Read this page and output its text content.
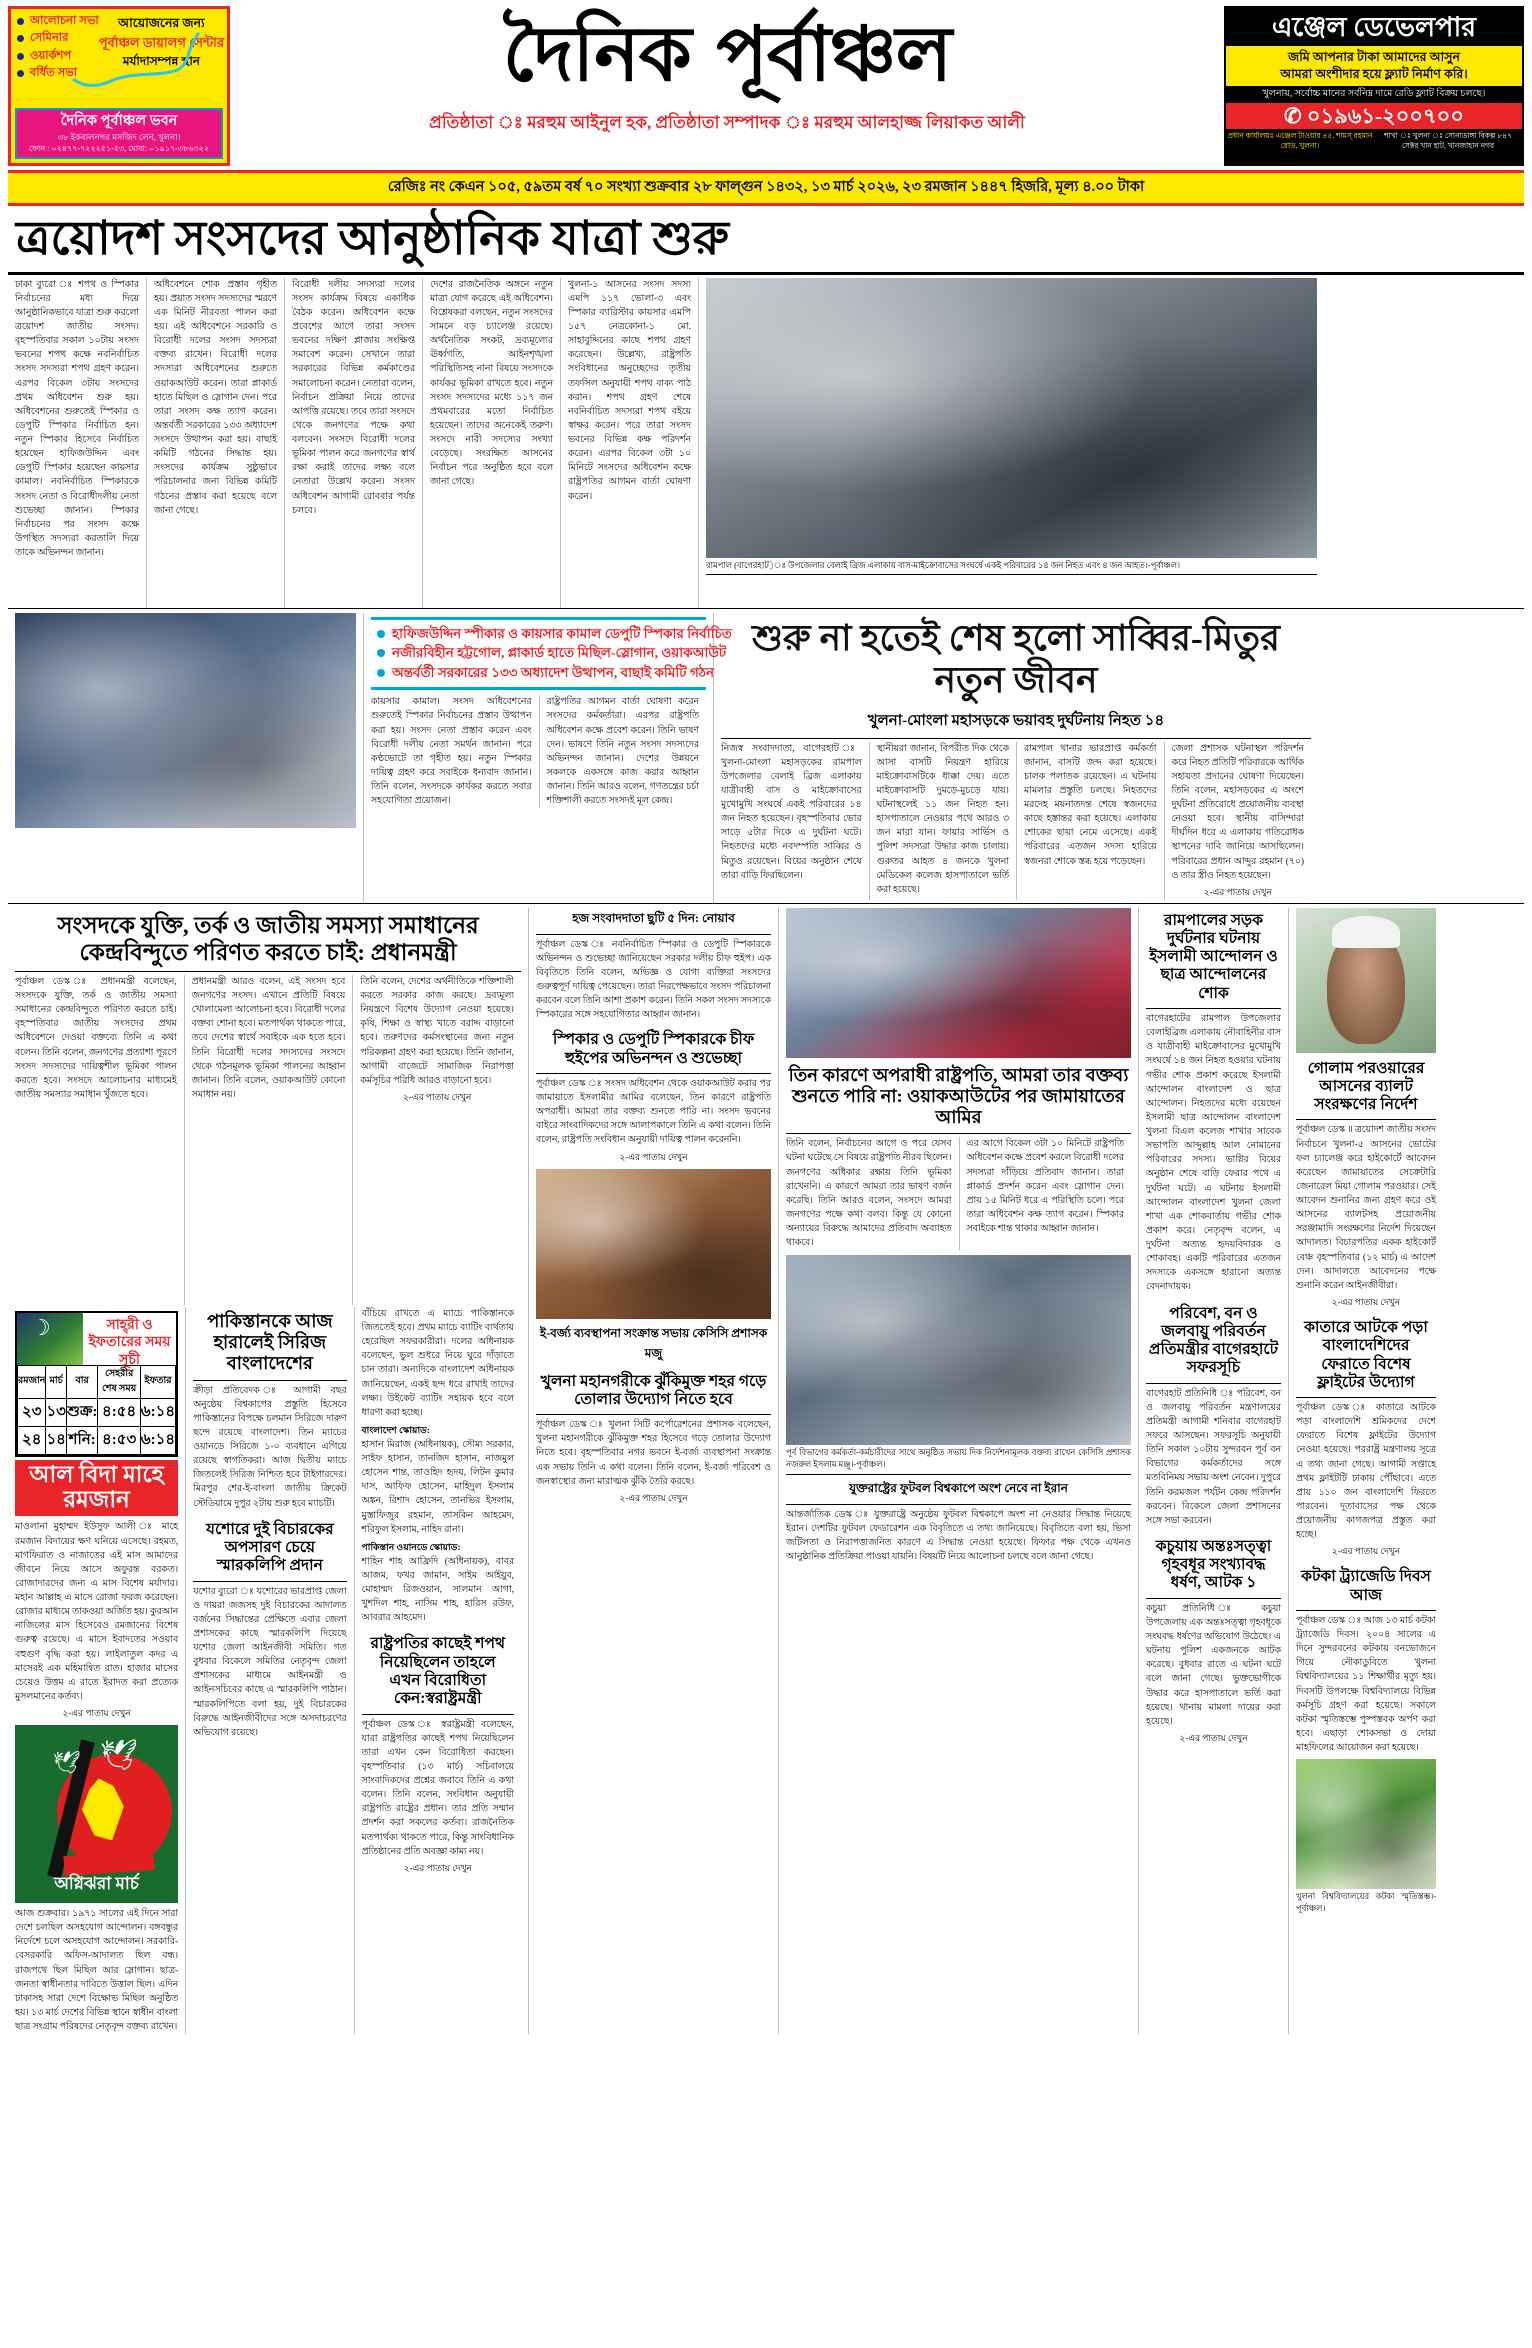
আলোচনা সভা
সেমিনার
ওয়ার্কশপ
বর্ধিত সভা
আয়োজনের জন্য
পূর্বাঞ্চল ডায়ালগ সেন্টার
মর্যাদাসম্পন্ন স্থান
দৈনিক পূর্বাঞ্চল ভবন
৩৮ ইকবালনগর মসজিদ লেন, খুলনা।
ফোন : ০২৪৭৭-৭২২২৫১-৫৩, মোবা: ০১৯১৭-৩৮৬৩২২
দৈনিক পূর্বাঞ্চল
প্রতিষ্ঠাতা ঃ মরহুম আইনুল হক, প্রতিষ্ঠাতা সম্পাদক ঃ মরহুম আলহাজ্জ লিয়াকত আলী
এঞ্জেল ডেভেলপার
জমি আপনার টাকা আমাদের আসুন
আমরা অংশীদার হয়ে ফ্ল্যাট নির্মাণ করি।
খুলনায়, সর্বোচ্চ মানের সর্বনিম্ন দামে রেডি ফ্ল্যাট বিক্রয় চলছে।
✆ ০১৯৬১-২০০৭০০
প্রধান কার্যালয়ঃ এঞ্জেল টাওয়ার ৪৫, শামস্ রহমান রোড, খুলনা।
শাখা ঃ খুলনা ঃ সোনাডাঙ্গা বিকল্প ৮৪৭ সেক্টর খান হাট, খানজাহান নগর
রেজিঃ নং কেএন ১০৫, ৫৯তম বর্ষ ৭০ সংখ্যা শুক্রবার ২৮ ফাল্গুন ১৪৩২, ১৩ মার্চ ২০২৬, ২৩ রমজান ১৪৪৭ হিজরি, মূল্য ৪.০০ টাকা
ত্রয়োদশ সংসদের আনুষ্ঠানিক যাত্রা শুরু
ঢাকা ব্যুরো ঃ শপথ ও স্পিকার নির্বাচনের মধ্য দিয়ে আনুষ্ঠানিকভাবে যাত্রা শুরু করলো ত্রয়োদশ জাতীয় সংসদ। বৃহস্পতিবার সকাল ১০টায় সংসদ ভবনের শপথ কক্ষে নবনির্বাচিত সংসদ সদস্যরা শপথ গ্রহণ করেন। এরপর বিকেল ৩টায় সংসদের প্রথম অধিবেশন শুরু হয়। অধিবেশনের শুরুতেই স্পিকার ও ডেপুটি স্পিকার নির্বাচিত হন। নতুন স্পিকার হিসেবে নির্বাচিত হয়েছেন হাফিজউদ্দিন এবং ডেপুটি স্পিকার হয়েছেন কায়সার কামাল। নবনির্বাচিত স্পিকারকে সংসদ নেতা ও বিরোধীদলীয় নেতা শুভেচ্ছা জানান। স্পিকার নির্বাচনের পর সংসদ কক্ষে উপস্থিত সদস্যরা করতালি দিয়ে তাকে অভিনন্দন জানান।
অধিবেশনে শোক প্রস্তাব গৃহীত হয়। প্রয়াত সংসদ সদস্যদের স্মরণে এক মিনিট নীরবতা পালন করা হয়। এই অধিবেশনে সরকারি ও বিরোধী দলের সংসদ সদস্যরা বক্তব্য রাখেন। বিরোধী দলের সদস্যরা অধিবেশনের শুরুতে ওয়াকআউট করেন। তারা প্লাকার্ড হাতে মিছিল ও স্লোগান দেন। পরে তারা সংসদ কক্ষ ত্যাগ করেন। অন্তর্বর্তী সরকারের ১৩৩ অধ্যাদেশ সংসদে উত্থাপন করা হয়। বাছাই কমিটি গঠনের সিদ্ধান্ত হয়। সংসদের কার্যক্রম সুষ্ঠুভাবে পরিচালনার জন্য বিভিন্ন কমিটি গঠনের প্রস্তাব করা হয়েছে বলে জানা গেছে।
বিরোধী দলীয় সদস্যরা দলের সংসদ কার্যক্রম বিষয়ে একাধিক বৈঠক করেন। অধিবেশন কক্ষে প্রবেশের আগে তারা সংসদ ভবনের দক্ষিণ প্লাজায় সংক্ষিপ্ত সমাবেশ করেন। সেখানে তারা সরকারের বিভিন্ন কর্মকাণ্ডের সমালোচনা করেন। নেতারা বলেন, নির্বাচন প্রক্রিয়া নিয়ে তাদের আপত্তি রয়েছে। তবে তারা সংসদে থেকে জনগণের পক্ষে কথা বলবেন। সংসদে বিরোধী দলের ভূমিকা পালন করে জনগণের স্বার্থ রক্ষা করাই তাদের লক্ষ্য বলে নেতারা উল্লেখ করেন। সংসদ অধিবেশন আগামী রোববার পর্যন্ত চলবে।
দেশের রাজনৈতিক অঙ্গনে নতুন মাত্রা যোগ করেছে এই অধিবেশন। বিশ্লেষকরা বলছেন, নতুন সংসদের সামনে বড় চ্যালেঞ্জ রয়েছে। অর্থনৈতিক সংকট, দ্রব্যমূল্যের ঊর্ধ্বগতি, আইনশৃঙ্খলা পরিস্থিতিসহ নানা বিষয়ে সংসদকে কার্যকর ভূমিকা রাখতে হবে। নতুন সংসদ সদস্যদের মধ্যে ১১৭ জন প্রথমবারের মতো নির্বাচিত হয়েছেন। তাদের অনেকেই তরুণ। সংসদে নারী সদস্যের সংখ্যা বেড়েছে। সংরক্ষিত আসনের নির্বাচন পরে অনুষ্ঠিত হবে বলে জানা গেছে।
খুলনা-১ আসনের সংসদ সদস্য এমপি ১১৭ ভোলা-৩ এবং স্পিকার ব্যারিস্টার কায়সার এমপি ১৫৭ নেত্রকোনা-১ মো. সাহাবুদ্দিনের কাছে শপথ গ্রহণ করেছেন। উল্লেখ্য, রাষ্ট্রপতি সংবিধানের অনুচ্ছেদের তৃতীয় তফসিল অনুযায়ী শপথ বাক্য পাঠ করান। শপথ গ্রহণ শেষে নবনির্বাচিত সদস্যরা শপথ বইয়ে স্বাক্ষর করেন। পরে তারা সংসদ ভবনের বিভিন্ন কক্ষ পরিদর্শন করেন। এরপর বিকেল ৩টা ১০ মিনিটে সংসদের অধিবেশন কক্ষে রাষ্ট্রপতির আগমন বার্তা ঘোষণা করেন।
রামপাল (বাগেরহাট)ঃ উপজেলার বেলাই ব্রিজ এলাকায় বাস-মাইক্রোবাসের সংঘর্ষে একই পরিবারের ১৪ জন নিহত এবং ৪ জন আহত।-পূর্বাঞ্চল।
হাফিজউদ্দিন স্পীকার ও কায়সার কামাল ডেপুটি স্পিকার নির্বাচিত
নজীরবিহীন হট্টগোল, প্লাকার্ড হাতে মিছিল-স্লোগান, ওয়াকআউট
অন্তর্বর্তী সরকারের ১৩৩ অধ্যাদেশ উত্থাপন, বাছাই কমিটি গঠন
কায়সার কামাল। সংসদ অধিবেশনের শুরুতেই স্পিকার নির্বাচনের প্রস্তাব উত্থাপন করা হয়। সংসদ নেতা প্রস্তাব করেন এবং বিরোধী দলীয় নেতা সমর্থন জানান। পরে কণ্ঠভোটে তা গৃহীত হয়। নতুন স্পিকার দায়িত্ব গ্রহণ করে সবাইকে ধন্যবাদ জানান। তিনি বলেন, সংসদকে কার্যকর করতে সবার সহযোগিতা প্রয়োজন।
রাষ্ট্রপতির আগমন বার্তা ঘোষণা করেন সংসদের কর্মকর্তারা। এরপর রাষ্ট্রপতি অধিবেশন কক্ষে প্রবেশ করেন। তিনি ভাষণ দেন। ভাষণে তিনি নতুন সংসদ সদস্যদের অভিনন্দন জানান। দেশের উন্নয়নে সকলকে একসঙ্গে কাজ করার আহ্বান জানান। তিনি আরও বলেন, গণতন্ত্রের চর্চা শক্তিশালী করতে সংসদই মূল কেন্দ্র।
শুরু না হতেই শেষ হলো সাব্বির-মিতুর নতুন জীবন
খুলনা-মোংলা মহাসড়কে ভয়াবহ দুর্ঘটনায় নিহত ১৪
নিজস্ব সংবাদদাতা, বাগেরহাট ঃ খুলনা-মোংলা মহাসড়কের রামপাল উপজেলার বেলাই ব্রিজ এলাকায় যাত্রীবাহী বাস ও মাইক্রোবাসের মুখোমুখি সংঘর্ষে একই পরিবারের ১৪ জন নিহত হয়েছেন। বৃহস্পতিবার ভোর সাড়ে ৫টার দিকে এ দুর্ঘটনা ঘটে। নিহতদের মধ্যে নবদম্পতি সাব্বির ও মিতুও রয়েছেন। বিয়ের অনুষ্ঠান শেষে তারা বাড়ি ফিরছিলেন।
স্থানীয়রা জানান, বিপরীত দিক থেকে আসা বাসটি নিয়ন্ত্রণ হারিয়ে মাইক্রোবাসটিকে ধাক্কা দেয়। এতে মাইক্রোবাসটি দুমড়ে-মুচড়ে যায়। ঘটনাস্থলেই ১১ জন নিহত হন। হাসপাতালে নেওয়ার পথে আরও ৩ জন মারা যান। ফায়ার সার্ভিস ও পুলিশ সদস্যরা উদ্ধার কাজ চালায়। গুরুতর আহত ৪ জনকে খুলনা মেডিকেল কলেজ হাসপাতালে ভর্তি করা হয়েছে।
রামপাল থানার ভারপ্রাপ্ত কর্মকর্তা জানান, বাসটি জব্দ করা হয়েছে। চালক পলাতক রয়েছেন। এ ঘটনায় মামলার প্রস্তুতি চলছে। নিহতদের মরদেহ ময়নাতদন্ত শেষে স্বজনদের কাছে হস্তান্তর করা হয়েছে। এলাকায় শোকের ছায়া নেমে এসেছে। একই পরিবারের এতজন সদস্য হারিয়ে স্বজনরা শোকে স্তব্ধ হয়ে পড়েছেন।
জেলা প্রশাসক ঘটনাস্থল পরিদর্শন করে নিহত প্রতিটি পরিবারকে আর্থিক সহায়তা প্রদানের ঘোষণা দিয়েছেন। তিনি বলেন, মহাসড়কের এ অংশে দুর্ঘটনা প্রতিরোধে প্রয়োজনীয় ব্যবস্থা নেওয়া হবে। স্থানীয় বাসিন্দারা দীর্ঘদিন ধরে এ এলাকায় গতিরোধক স্থাপনের দাবি জানিয়ে আসছিলেন। পরিবারের প্রধান আব্দুর রহমান (৭০) ও তার স্ত্রীও নিহত হয়েছেন।
২-এর পাতায় দেখুন
সংসদকে যুক্তি, তর্ক ও জাতীয় সমস্যা সমাধানের কেন্দ্রবিন্দুতে পরিণত করতে চাই: প্রধানমন্ত্রী
পূর্বাঞ্চল ডেস্ক ঃ প্রধানমন্ত্রী বলেছেন, সংসদকে যুক্তি, তর্ক ও জাতীয় সমস্যা সমাধানের কেন্দ্রবিন্দুতে পরিণত করতে চাই। বৃহস্পতিবার জাতীয় সংসদের প্রথম অধিবেশনে দেওয়া বক্তব্যে তিনি এ কথা বলেন। তিনি বলেন, জনগণের প্রত্যাশা পূরণে সংসদ সদস্যদের দায়িত্বশীল ভূমিকা পালন করতে হবে। সংসদে আলোচনার মাধ্যমেই জাতীয় সমস্যার সমাধান খুঁজতে হবে।
প্রধানমন্ত্রী আরও বলেন, এই সংসদ হবে জনগণের সংসদ। এখানে প্রতিটি বিষয়ে খোলামেলা আলোচনা হবে। বিরোধী দলের বক্তব্য শোনা হবে। মতপার্থক্য থাকতে পারে, তবে দেশের স্বার্থে সবাইকে এক হতে হবে। তিনি বিরোধী দলের সদস্যদের সংসদে থেকে গঠনমূলক ভূমিকা পালনের আহ্বান জানান। তিনি বলেন, ওয়াকআউট কোনো সমাধান নয়।
তিনি বলেন, দেশের অর্থনীতিকে শক্তিশালী করতে সরকার কাজ করছে। দ্রব্যমূল্য নিয়ন্ত্রণে বিশেষ উদ্যোগ নেওয়া হয়েছে। কৃষি, শিক্ষা ও স্বাস্থ্য খাতে বরাদ্দ বাড়ানো হবে। তরুণদের কর্মসংস্থানের জন্য নতুন পরিকল্পনা গ্রহণ করা হয়েছে। তিনি জানান, আগামী বাজেটে সামাজিক নিরাপত্তা কর্মসূচির পরিধি আরও বাড়ানো হবে।
২-এর পাতায় দেখুন
☽
সাহ্‌রী ও ইফতারের সময় সূচী
রমজান	মার্চ	বার	সেহরীর শেষ সময়	ইফতার
২৩	১৩	শুক্র:	৪:৫৪	৬:১৪
২৪	১৪	শনি:	৪:৫৩	৬:১৪
আল বিদা মাহে রমজান
মাওলানা মুহাম্মদ ইউসুফ আলী ঃ মাহে রমজান বিদায়ের ক্ষণ ঘনিয়ে এসেছে। রহমত, মাগফিরাত ও নাজাতের এই মাস আমাদের জীবনে নিয়ে আসে অফুরন্ত বরকত। রোজাদারদের জন্য এ মাস বিশেষ মর্যাদার। মহান আল্লাহ এ মাসে রোজা ফরজ করেছেন। রোজার মাধ্যমে তাকওয়া অর্জিত হয়। কুরআন নাজিলের মাস হিসেবেও রমজানের বিশেষ গুরুত্ব রয়েছে। এ মাসে ইবাদতের সওয়াব বহুগুণ বৃদ্ধি করা হয়। লাইলাতুল কদর এ মাসেরই এক মহিমান্বিত রাত। হাজার মাসের চেয়েও উত্তম এ রাতে ইবাদত করা প্রত্যেক মুসলমানের কর্তব্য।
২-এর পাতায় দেখুন
🕊
🕊
অগ্নিঝরা মার্চ
আজ শুক্রবার। ১৯৭১ সালের এই দিনে সারা দেশে চলছিল অসহযোগ আন্দোলন। বঙ্গবন্ধুর নির্দেশে চলে অসহযোগ আন্দোলন। সরকারি-বেসরকারি অফিস-আদালত ছিল বন্ধ। রাজপথে ছিল মিছিল আর স্লোগান। ছাত্র-জনতা স্বাধীনতার দাবিতে উত্তাল ছিল। এদিন ঢাকাসহ সারা দেশে বিক্ষোভ মিছিল অনুষ্ঠিত হয়। ১৩ মার্চ দেশের বিভিন্ন স্থানে স্বাধীন বাংলা ছাত্র সংগ্রাম পরিষদের নেতৃবৃন্দ বক্তব্য রাখেন।
পাকিস্তানকে আজ হারালেই সিরিজ বাংলাদেশের
ক্রীড়া প্রতিবেদক ঃ আগামী বছর অনুষ্ঠেয় বিশ্বকাপের প্রস্তুতি হিসেবে পাকিস্তানের বিপক্ষে চলমান সিরিজে দারুণ ছন্দে রয়েছে বাংলাদেশ। তিন ম্যাচের ওয়ানডে সিরিজে ১-০ ব্যবধানে এগিয়ে রয়েছে স্বাগতিকরা। আজ দ্বিতীয় ম্যাচে জিতলেই সিরিজ নিশ্চিত হবে টাইগারদের। মিরপুর শের-ই-বাংলা জাতীয় ক্রিকেট স্টেডিয়ামে দুপুর ২টায় শুরু হবে ম্যাচটি।
যশোরে দুই বিচারকের অপসারণ চেয়ে স্মারকলিপি প্রদান
যশোর ব্যুরো ঃ যশোরের ভারপ্রাপ্ত জেলা ও দায়রা জজসহ দুই বিচারকের আদালত বর্জনের সিদ্ধান্তের প্রেক্ষিতে এবার জেলা প্রশাসকের কাছে স্মারকলিপি দিয়েছে যশোর জেলা আইনজীবী সমিতি। গত বুধবার বিকেলে সমিতির নেতৃবৃন্দ জেলা প্রশাসকের মাধ্যমে আইনমন্ত্রী ও আইনসচিবের কাছে এ স্মারকলিপি পাঠান। স্মারকলিপিতে বলা হয়, দুই বিচারকের বিরুদ্ধে আইনজীবীদের সঙ্গে অসদাচরণের অভিযোগ রয়েছে।
বাঁচিয়ে রাখতে এ ম্যাচে পাকিস্তানকে জিততেই হবে। প্রথম ম্যাচে ব্যাটিং ব্যর্থতায় হেরেছিল সফরকারীরা। দলের অধিনায়ক বলেছেন, ভুল শুধরে নিয়ে ঘুরে দাঁড়াতে চান তারা। অন্যদিকে বাংলাদেশ অধিনায়ক জানিয়েছেন, একই ছন্দ ধরে রাখাই তাদের লক্ষ্য। উইকেট ব্যাটিং সহায়ক হবে বলে ধারণা করা হচ্ছে।
বাংলাদেশ স্কোয়াড:
হাসান মিরাজ (অধিনায়ক), সৌম্য সরকার, সাইফ হাসান, তানজিদ হাসান, নাজমুল হোসেন শান্ত, তাওহিদ হৃদয়, লিটন কুমার দাস, আফিফ হোসেন, মাহিদুল ইসলাম অঙ্কন, রিশাদ হোসেন, তানভির ইসলাম, মুস্তাফিজুর রহমান, তাসকিন আহমেদ, শরিফুল ইসলাম, নাহিদ রানা।
পাকিস্তান ওয়ানডে স্কোয়াড:
শাহিন শাহ আফ্রিদি (অধিনায়ক), বাবর আজম, ফখর জামান, সাইম আইয়ুব, মোহাম্মদ রিজওয়ান, সালমান আগা, খুশদিল শাহ, নাসিম শাহ, হারিস রউফ, আবরার আহমেদ।
রাষ্ট্রপতির কাছেই শপথ নিয়েছিলেন তাহলে এখন বিরোধিতা কেন:স্বরাষ্ট্রমন্ত্রী
পূর্বাঞ্চল ডেস্ক ঃ স্বরাষ্ট্রমন্ত্রী বলেছেন, যারা রাষ্ট্রপতির কাছেই শপথ নিয়েছিলেন তারা এখন কেন বিরোধিতা করছেন। বৃহস্পতিবার (১৩ মার্চ) সচিবালয়ে সাংবাদিকদের প্রশ্নের জবাবে তিনি এ কথা বলেন। তিনি বলেন, সংবিধান অনুযায়ী রাষ্ট্রপতি রাষ্ট্রের প্রধান। তার প্রতি সম্মান প্রদর্শন করা সকলের কর্তব্য। রাজনৈতিক মতপার্থক্য থাকতে পারে, কিন্তু সাংবিধানিক প্রতিষ্ঠানের প্রতি অবজ্ঞা কাম্য নয়।
২-এর পাতায় দেখুন
হজ সংবাদদাতা ছুটি ৫ দিন: নোয়াব
পূর্বাঞ্চল ডেস্ক ঃ নবনির্বাচিত স্পিকার ও ডেপুটি স্পিকারকে অভিনন্দন ও শুভেচ্ছা জানিয়েছেন সরকার দলীয় চীফ হুইপ। এক বিবৃতিতে তিনি বলেন, অভিজ্ঞ ও যোগ্য ব্যক্তিরা সংসদের গুরুত্বপূর্ণ দায়িত্ব পেয়েছেন। তারা নিরপেক্ষভাবে সংসদ পরিচালনা করবেন বলে তিনি আশা প্রকাশ করেন। তিনি সকল সংসদ সদস্যকে স্পিকারের সঙ্গে সহযোগিতার আহ্বান জানান।
স্পিকার ও ডেপুটি স্পিকারকে চীফ হুইপের অভিনন্দন ও শুভেচ্ছা
পূর্বাঞ্চল ডেস্ক ঃ সংসদ অধিবেশন থেকে ওয়াকআউট করার পর জামায়াতে ইসলামীর আমির বলেছেন, তিন কারণে রাষ্ট্রপতি অপরাধী। আমরা তার বক্তব্য শুনতে পারি না। সংসদ ভবনের বাইরে সাংবাদিকদের সঙ্গে আলাপকালে তিনি এ কথা বলেন। তিনি বলেন, রাষ্ট্রপতি সংবিধান অনুযায়ী দায়িত্ব পালন করেননি।
২-এর পাতায় দেখুন
ই-বর্জ্য ব্যবস্থাপনা সংক্রান্ত সভায় কেসিসি প্রশাসক মজু
খুলনা মহানগরীকে ঝুঁকিমুক্ত শহর গড়ে তোলার উদ্যোগ নিতে হবে
পূর্বাঞ্চল ডেস্ক ঃ খুলনা সিটি কর্পোরেশনের প্রশাসক বলেছেন, খুলনা মহানগরীকে ঝুঁকিমুক্ত শহর হিসেবে গড়ে তোলার উদ্যোগ নিতে হবে। বৃহস্পতিবার নগর ভবনে ই-বর্জ্য ব্যবস্থাপনা সংক্রান্ত এক সভায় তিনি এ কথা বলেন। তিনি বলেন, ই-বর্জ্য পরিবেশ ও জনস্বাস্থ্যের জন্য মারাত্মক ঝুঁকি তৈরি করছে।
২-এর পাতায় দেখুন
তিন কারণে অপরাধী রাষ্ট্রপতি, আমরা তার বক্তব্য শুনতে পারি না: ওয়াকআউটের পর জামায়াতের আমির
তিনি বলেন, নির্বাচনের আগে ও পরে যেসব ঘটনা ঘটেছে সে বিষয়ে রাষ্ট্রপতি নীরব ছিলেন। জনগণের অধিকার রক্ষায় তিনি ভূমিকা রাখেননি। এ কারণে আমরা তার ভাষণ বর্জন করেছি। তিনি আরও বলেন, সংসদে আমরা জনগণের পক্ষে কথা বলব। কিন্তু যে কোনো অন্যায়ের বিরুদ্ধে আমাদের প্রতিবাদ অব্যাহত থাকবে।
এর আগে বিকেল ৩টা ১০ মিনিটে রাষ্ট্রপতি অধিবেশন কক্ষে প্রবেশ করলে বিরোধী দলের সদস্যরা দাঁড়িয়ে প্রতিবাদ জানান। তারা প্লাকার্ড প্রদর্শন করেন এবং স্লোগান দেন। প্রায় ১৫ মিনিট ধরে এ পরিস্থিতি চলে। পরে তারা অধিবেশন কক্ষ ত্যাগ করেন। স্পিকার সবাইকে শান্ত থাকার আহ্বান জানান।
পূর্ব বিভাগের কর্মকর্তা-কর্মচারীদের সাথে অনুষ্ঠিত সভায় দিক নির্দেশনামূলক বক্তব্য রাখেন কেসিসি প্রশাসক নজরুল ইসলাম মঞ্জু।-পূর্বাঞ্চল।
যুক্তরাষ্ট্রের ফুটবল বিশ্বকাপে অংশ নেবে না ইরান
আন্তর্জাতিক ডেস্ক ঃ যুক্তরাষ্ট্রে অনুষ্ঠেয় ফুটবল বিশ্বকাপে অংশ না নেওয়ার সিদ্ধান্ত নিয়েছে ইরান। দেশটির ফুটবল ফেডারেশন এক বিবৃতিতে এ তথ্য জানিয়েছে। বিবৃতিতে বলা হয়, ভিসা জটিলতা ও নিরাপত্তাজনিত কারণে এ সিদ্ধান্ত নেওয়া হয়েছে। ফিফার পক্ষ থেকে এখনও আনুষ্ঠানিক প্রতিক্রিয়া পাওয়া যায়নি। বিষয়টি নিয়ে আলোচনা চলছে বলে জানা গেছে।
রামপালের সড়ক দুর্ঘটনার ঘটনায় ইসলামী আন্দোলন ও ছাত্র আন্দোলনের শোক
বাগেরহাটের রামপাল উপজেলার বেলাইব্রিজ এলাকায় নৌবাহিনীর বাস ও যাত্রীবাহী মাইক্রোবাসের মুখোমুখি সংঘর্ষে ১৪ জন নিহত হওয়ার ঘটনায় গভীর শোক প্রকাশ করেছে ইসলামী আন্দোলন বাংলাদেশ ও ছাত্র আন্দোলন। নিহতদের মধ্যে রয়েছেন ইসলামী ছাত্র আন্দোলন বাংলাদেশ খুলনা বিএল কলেজ শাখার সাবেক সভাপতি আব্দুল্লাহ আল নোমানের পরিবারের সদস্য। ভাগ্নির বিয়ের অনুষ্ঠান শেষে বাড়ি ফেরার পথে এ দুর্ঘটনা ঘটে। এ ঘটনায় ইসলামী আন্দোলন বাংলাদেশ খুলনা জেলা শাখা এক শোকবার্তায় গভীর শোক প্রকাশ করে। নেতৃবৃন্দ বলেন, এ দুর্ঘটনা অত্যন্ত হৃদয়বিদারক ও শোকাবহ। একটি পরিবারের এতজন সদস্যকে একসঙ্গে হারানো অত্যন্ত বেদনাদায়ক।
পরিবেশ, বন ও জলবায়ু পরিবর্তন প্রতিমন্ত্রীর বাগেরহাটে সফরসূচি
বাগেরহাট প্রতিনিধি ঃ পরিবেশ, বন ও জলবায়ু পরিবর্তন মন্ত্রণালয়ের প্রতিমন্ত্রী আগামী শনিবার বাগেরহাট সফরে আসছেন। সফরসূচি অনুযায়ী তিনি সকাল ১০টায় সুন্দরবন পূর্ব বন বিভাগের কর্মকর্তাদের সঙ্গে মতবিনিময় সভায় অংশ নেবেন। দুপুরে তিনি করমজল পর্যটন কেন্দ্র পরিদর্শন করবেন। বিকেলে জেলা প্রশাসনের সঙ্গে সভা করবেন।
কচুয়ায় অন্তঃসত্ত্বা গৃহবধূর সংখ্যাবদ্ধ ধর্ষণ, আটক ১
কচুয়া প্রতিনিধি ঃ কচুয়া উপজেলায় এক অন্তঃসত্ত্বা গৃহবধূকে সংঘবদ্ধ ধর্ষণের অভিযোগ উঠেছে। এ ঘটনায় পুলিশ একজনকে আটক করেছে। বুধবার রাতে এ ঘটনা ঘটে বলে জানা গেছে। ভুক্তভোগীকে উদ্ধার করে হাসপাতালে ভর্তি করা হয়েছে। থানায় মামলা দায়ের করা হয়েছে।
২-এর পাতায় দেখুন
গোলাম পরওয়ারের আসনের ব্যালট সংরক্ষণের নির্দেশ
পূর্বাঞ্চল ডেস্ক ॥ ত্রয়োদশ জাতীয় সংসদ নির্বাচনে খুলনা-৫ আসনের ভোটের ফল চ্যালেঞ্জ করে হাইকোর্টে আবেদন করেছেন জামায়াতের সেক্রেটারি জেনারেল মিয়া গোলাম পরওয়ার। সেই আবেদন শুনানির জন্য গ্রহণ করে ওই আসনের ব্যালটসহ প্রয়োজনীয় সরঞ্জামাদি সংরক্ষণের নির্দেশ দিয়েছেন আদালত। বিচারপতির একক হাইকোর্ট বেঞ্চ বৃহস্পতিবার (১২ মার্চ) এ আদেশ দেন। আদালতে আবেদনের পক্ষে শুনানি করেন আইনজীবীরা।
২-এর পাতায় দেখুন
কাতারে আটকে পড়া বাংলাদেশিদের ফেরাতে বিশেষ ফ্লাইটের উদ্যোগ
পূর্বাঞ্চল ডেস্ক ঃ কাতারে আটকে পড়া বাংলাদেশি শ্রমিকদের দেশে ফেরাতে বিশেষ ফ্লাইটের উদ্যোগ নেওয়া হয়েছে। পররাষ্ট্র মন্ত্রণালয় সূত্রে এ তথ্য জানা গেছে। আগামী সপ্তাহে প্রথম ফ্লাইটটি ঢাকায় পৌঁছাবে। এতে প্রায় ১১০ জন বাংলাদেশি ফিরতে পারবেন। দূতাবাসের পক্ষ থেকে প্রয়োজনীয় কাগজপত্র প্রস্তুত করা হচ্ছে।
২-এর পাতায় দেখুন
কটকা ট্র্যাজেডি দিবস আজ
পূর্বাঞ্চল ডেস্ক ঃ আজ ১৩ মার্চ কটকা ট্র্যাজেডি দিবস। ২০০৪ সালের এ দিনে সুন্দরবনের কটকায় বনভোজনে গিয়ে নৌকাডুবিতে খুলনা বিশ্ববিদ্যালয়ের ১১ শিক্ষার্থীর মৃত্যু হয়। দিবসটি উপলক্ষে বিশ্ববিদ্যালয়ে বিভিন্ন কর্মসূচি গ্রহণ করা হয়েছে। সকালে কটকা স্মৃতিস্তম্ভে পুষ্পস্তবক অর্পণ করা হবে। এছাড়া শোকসভা ও দোয়া মাহফিলের আয়োজন করা হয়েছে।
খুলনা বিশ্ববিদ্যালয়ের কটকা স্মৃতিস্তম্ভ।-পূর্বাঞ্চল।
